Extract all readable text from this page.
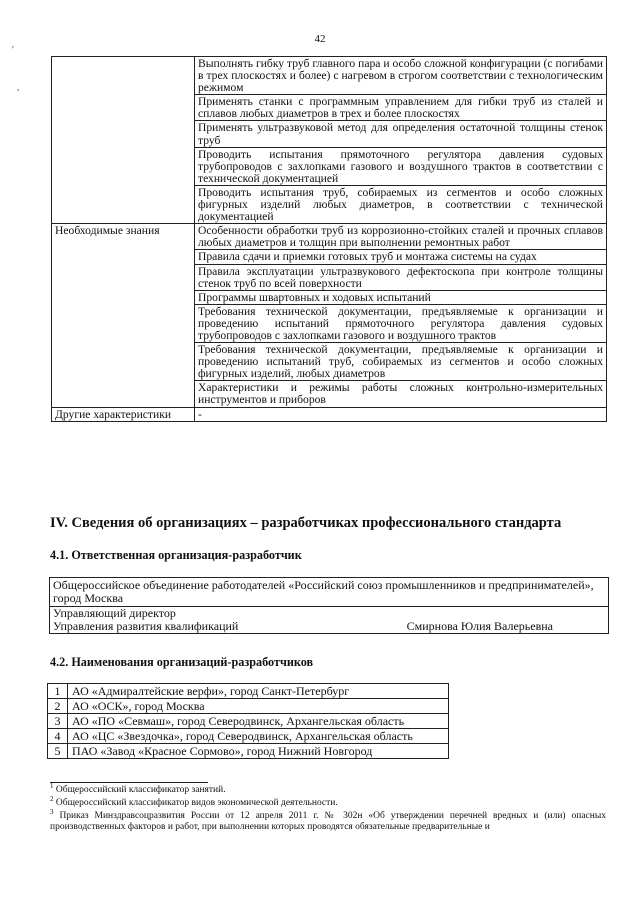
42
'
,
	Выполнять гибку труб главного пара и особо сложной конфигурации (с погибами в трех плоскостях и более) с нагревом в строгом соответствии с технологическим режимом
	Применять станки с программным управлением для гибки труб из сталей и сплавов любых диаметров в трех и более плоскостях
	Применять ультразвуковой метод для определения остаточной толщины стенок труб
	Проводить испытания прямоточного регулятора давления судовых трубопроводов с захлопками газового и воздушного трактов в соответствии с технической документацией
	Проводить испытания труб, собираемых из сегментов и особо сложных фигурных изделий любых диаметров, в соответствии с технической документацией
Необходимые знания	Особенности обработки труб из коррозионно-стойких сталей и прочных сплавов любых диаметров и толщин при выполнении ремонтных работ
	Правила сдачи и приемки готовых труб и монтажа системы на судах
	Правила эксплуатации ультразвукового дефектоскопа при контроле толщины стенок труб по всей поверхности
	Программы швартовных и ходовых испытаний
	Требования технической документации, предъявляемые к организации и проведению испытаний прямоточного регулятора давления судовых трубопроводов с захлопками газового и воздушного трактов
	Требования технической документации, предъявляемые к организации и проведению испытаний труб, собираемых из сегментов и особо сложных фигурных изделий, любых диаметров
	Характеристики и режимы работы сложных контрольно-измерительных инструментов и приборов
Другие характеристики	-
IV. Сведения об организациях – разработчиках профессионального стандарта
4.1. Ответственная организация-разработчик
Общероссийское объединение работодателей «Российский союз промышленников и предпринимателей», город Москва
Управляющий директор
Управления развития квалификаций	Смирнова Юлия Валерьевна
4.2. Наименования организаций-разработчиков
1	АО «Адмиралтейские верфи», город Санкт-Петербург
2	АО «ОСК», город Москва
3	АО «ПО «Севмаш», город Северодвинск, Архангельская область
4	АО «ЦС «Звездочка», город Северодвинск, Архангельская область
5	ПАО «Завод «Красное Сормово», город Нижний Новгород

$^1$ Общероссийский классификатор занятий.

$^2$ Общероссийский классификатор видов экономической деятельности.

$^3$ Приказ Минздравсоцразвития России от 12 апреля 2011 г. № 302н «Об утверждении перечней вредных и (или) опасных производственных факторов и работ, при выполнении которых проводятся обязательные предварительные и
